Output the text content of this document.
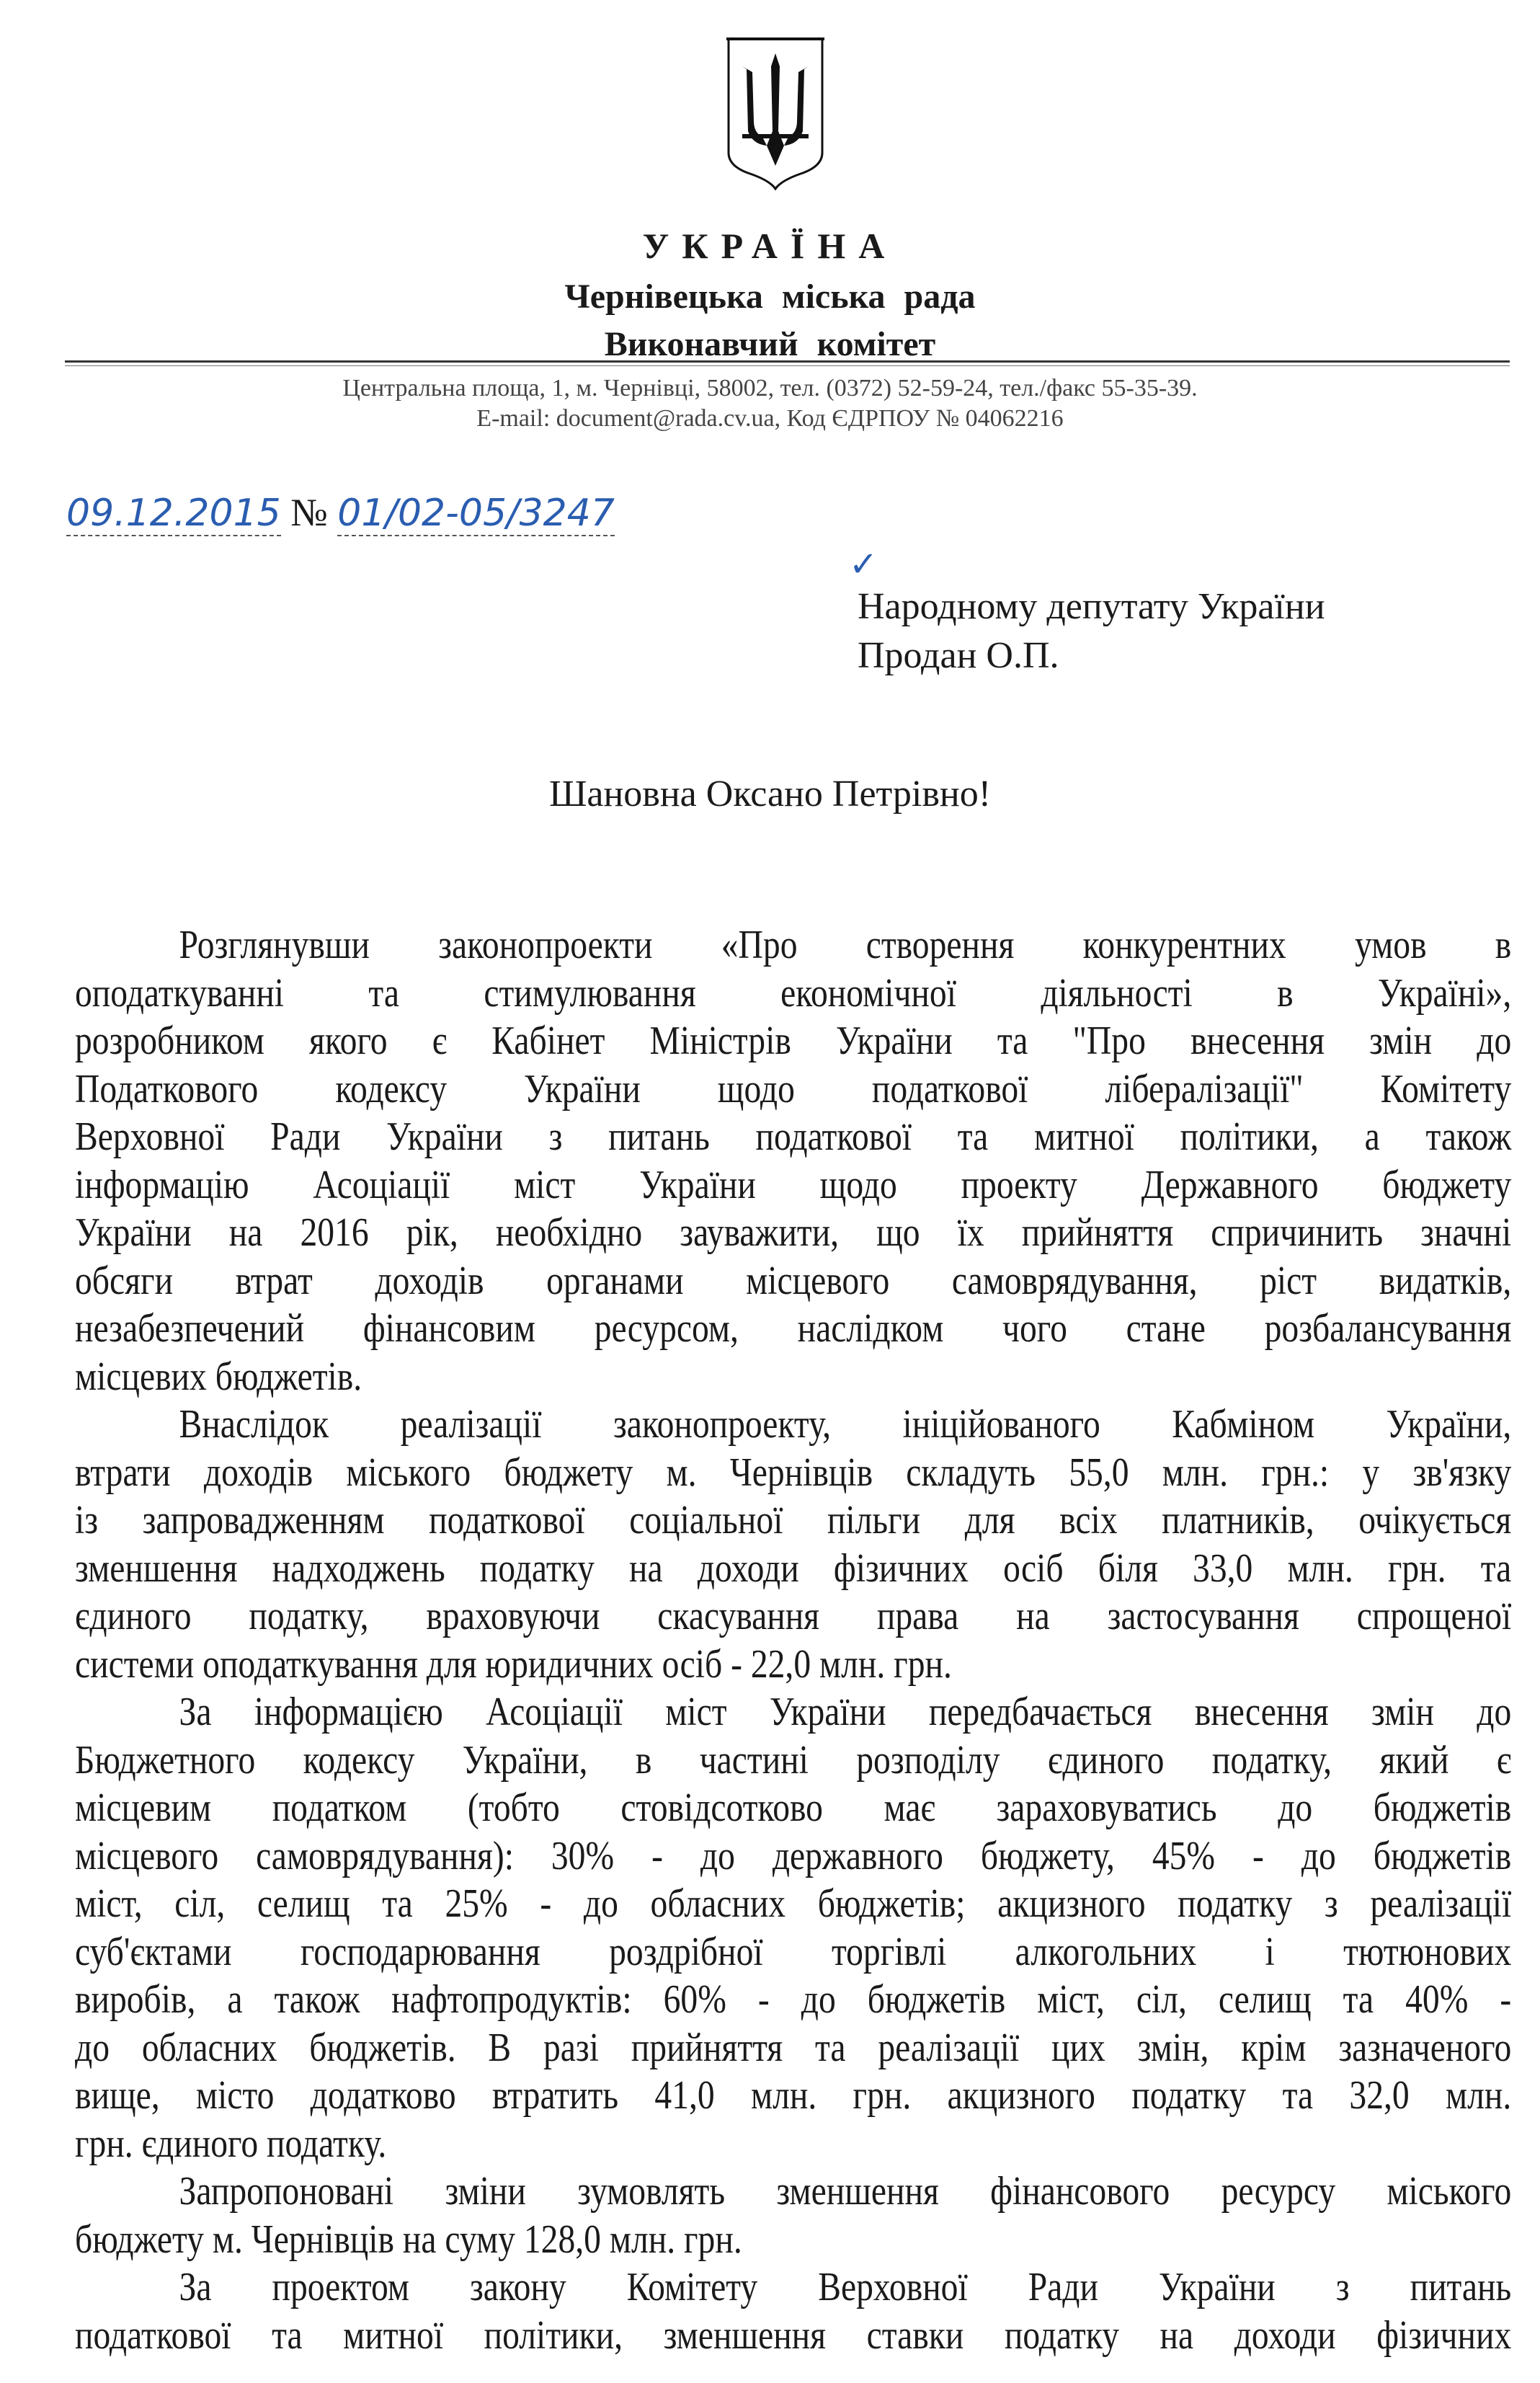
УКРАЇНА
Чернівецька міська рада
Виконавчий комітет
Центральна площа, 1, м. Чернівці, 58002, тел. (0372) 52-59-24, тел./факс 55-35-39.
E-mail: document@rada.cv.ua, Код ЄДРПОУ № 04062216
09.12.2015 № 01/02-05/3247
✓
Народному депутату України
Продан О.П.
Шановна Оксано Петрівно!
Розглянувши законопроекти «Про створення конкурентних умов в
оподаткуванні та стимулювання економічної діяльності в Україні»,
розробником якого є Кабінет Міністрів України та "Про внесення змін до
Податкового кодексу України щодо податкової лібералізації" Комітету
Верховної Ради України з питань податкової та митної політики, а також
інформацію Асоціації міст України щодо проекту Державного бюджету
України на 2016 рік, необхідно зауважити, що їх прийняття спричинить значні
обсяги втрат доходів органами місцевого самоврядування, ріст видатків,
незабезпечений фінансовим ресурсом, наслідком чого стане розбалансування
місцевих бюджетів.
Внаслідок реалізації законопроекту, ініційованого Кабміном України,
втрати доходів міського бюджету м. Чернівців складуть 55,0 млн. грн.: у зв'язку
із запровадженням податкової соціальної пільги для всіх платників, очікується
зменшення надходжень податку на доходи фізичних осіб біля 33,0 млн. грн. та
єдиного податку, враховуючи скасування права на застосування спрощеної
системи оподаткування для юридичних осіб - 22,0 млн. грн.
За інформацією Асоціації міст України передбачається внесення змін до
Бюджетного кодексу України, в частині розподілу єдиного податку, який є
місцевим податком (тобто стовідсотково має зараховуватись до бюджетів
місцевого самоврядування): 30% - до державного бюджету, 45% - до бюджетів
міст, сіл, селищ та 25% - до обласних бюджетів; акцизного податку з реалізації
суб'єктами господарювання роздрібної торгівлі алкогольних і тютюнових
виробів, а також нафтопродуктів: 60% - до бюджетів міст, сіл, селищ та 40% -
до обласних бюджетів. В разі прийняття та реалізації цих змін, крім зазначеного
вище, місто додатково втратить 41,0 млн. грн. акцизного податку та 32,0 млн.
грн. єдиного податку.
Запропоновані зміни зумовлять зменшення фінансового ресурсу міського
бюджету м. Чернівців на суму 128,0 млн. грн.
За проектом закону Комітету Верховної Ради України з питань
податкової та митної політики, зменшення ставки податку на доходи фізичних
